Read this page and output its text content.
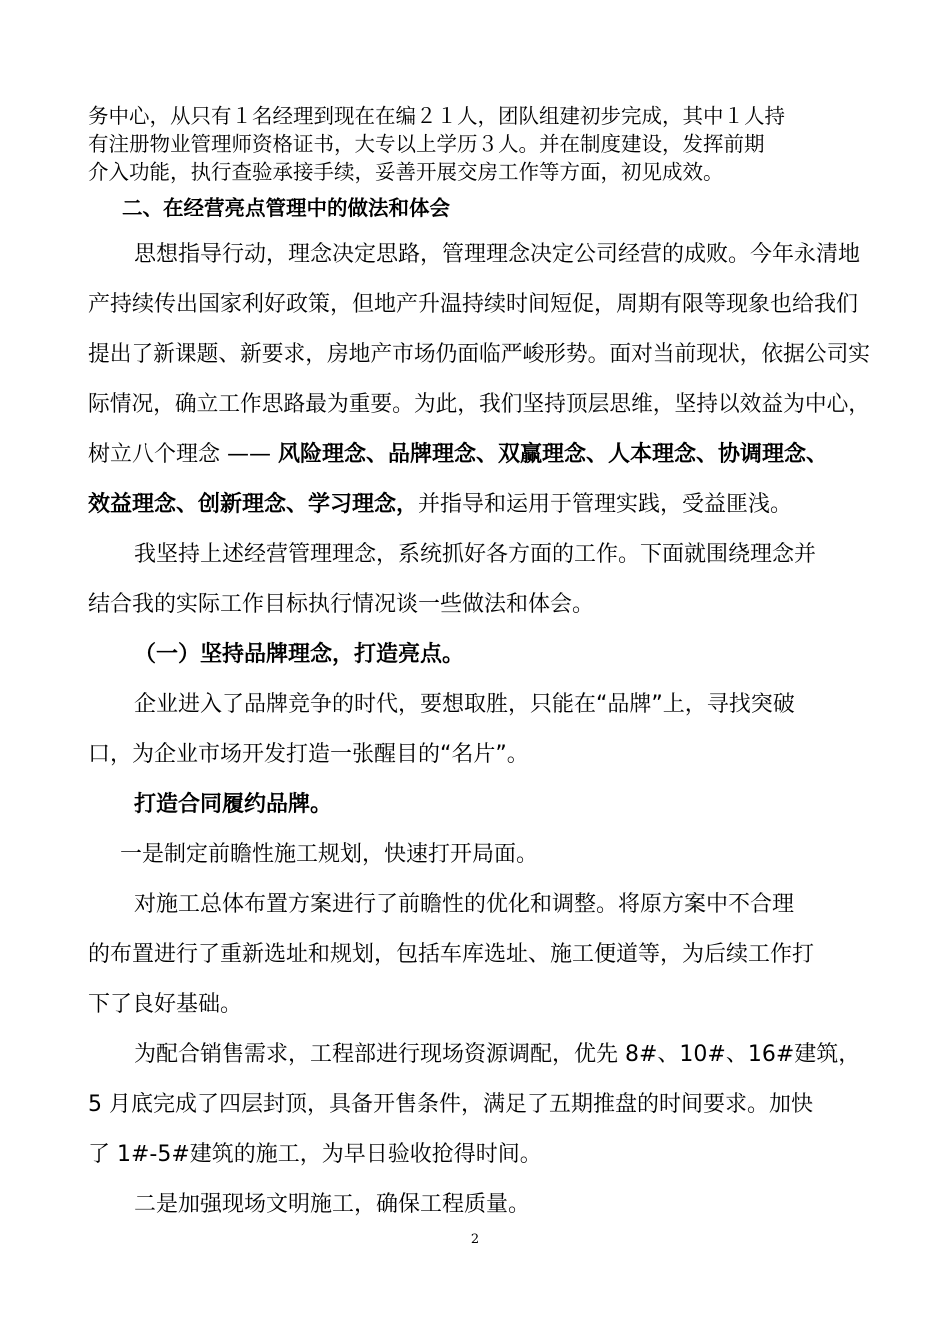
务中心，从只有１名经理到现在在编２１人，团队组建初步完成，其中１人持
有注册物业管理师资格证书，大专以上学历３人。并在制度建设，发挥前期
介入功能，执行查验承接手续，妥善开展交房工作等方面，初见成效。
二、在经营亮点管理中的做法和体会
思想指导行动，理念决定思路，管理理念决定公司经营的成败。今年永清地
产持续传出国家利好政策，但地产升温持续时间短促，周期有限等现象也给我们
提出了新课题、新要求，房地产市场仍面临严峻形势。面对当前现状，依据公司实
际情况，确立工作思路最为重要。为此，我们坚持顶层思维，坚持以效益为中心，
树立八个理念 —— 风险理念、品牌理念、双赢理念、人本理念、协调理念、
效益理念、创新理念、学习理念，并指导和运用于管理实践，受益匪浅。
我坚持上述经营管理理念，系统抓好各方面的工作。下面就围绕理念并
结合我的实际工作目标执行情况谈一些做法和体会。
（一）坚持品牌理念，打造亮点。
企业进入了品牌竞争的时代，要想取胜，只能在“品牌”上，寻找突破
口，为企业市场开发打造一张醒目的“名片”。
打造合同履约品牌。
一是制定前瞻性施工规划，快速打开局面。
对施工总体布置方案进行了前瞻性的优化和调整。将原方案中不合理
的布置进行了重新选址和规划，包括车库选址、施工便道等，为后续工作打
下了良好基础。
为配合销售需求，工程部进行现场资源调配，优先 8#、10#、16#建筑，
5 月底完成了四层封顶，具备开售条件，满足了五期推盘的时间要求。加快
了 1#-5#建筑的施工，为早日验收抢得时间。
二是加强现场文明施工，确保工程质量。
2
